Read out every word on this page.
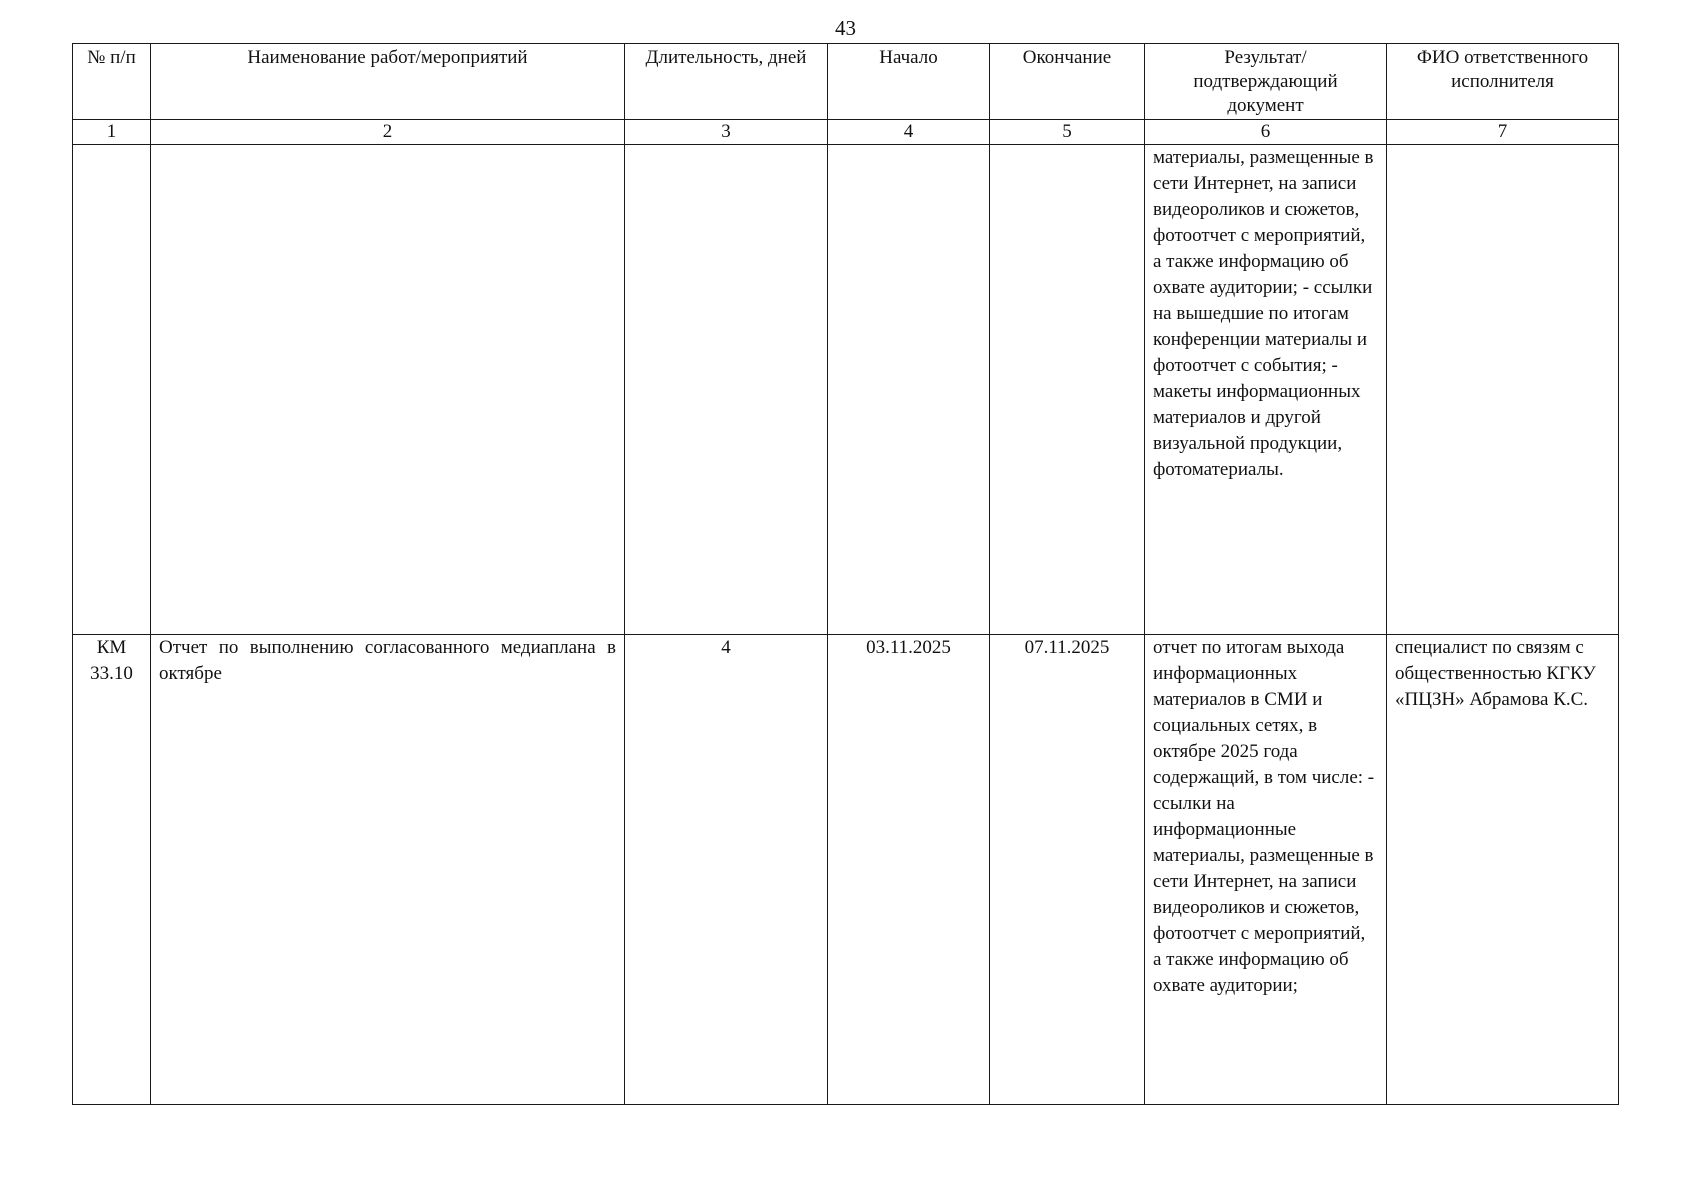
43
№ п/п	Наименование работ/мероприятий	Длительность, дней	Начало	Окончание	Результат/ подтверждающий документ	ФИО ответственного исполнителя
1	2	3	4	5	6	7
					материалы, размещенные в сети Интернет, на записи видеороликов и сюжетов, фотоотчет с мероприятий, а также информацию об охвате аудитории; - ссылки на вышедшие по итогам конференции материалы и фотоотчет с события; - макеты информационных материалов и другой визуальной продукции, фотоматериалы.	
КМ 33.10	Отчет по выполнению согласованного медиаплана в октябре	4	03.11.2025	07.11.2025	отчет по итогам выхода информационных материалов в СМИ и социальных сетях, в октябре 2025 года содержащий, в том числе: - ссылки на информационные материалы, размещенные в сети Интернет, на записи видеороликов и сюжетов, фотоотчет с мероприятий, а также информацию об охвате аудитории;	специалист по связям с общественностью КГКУ «ПЦЗН» Абрамова К.С.
